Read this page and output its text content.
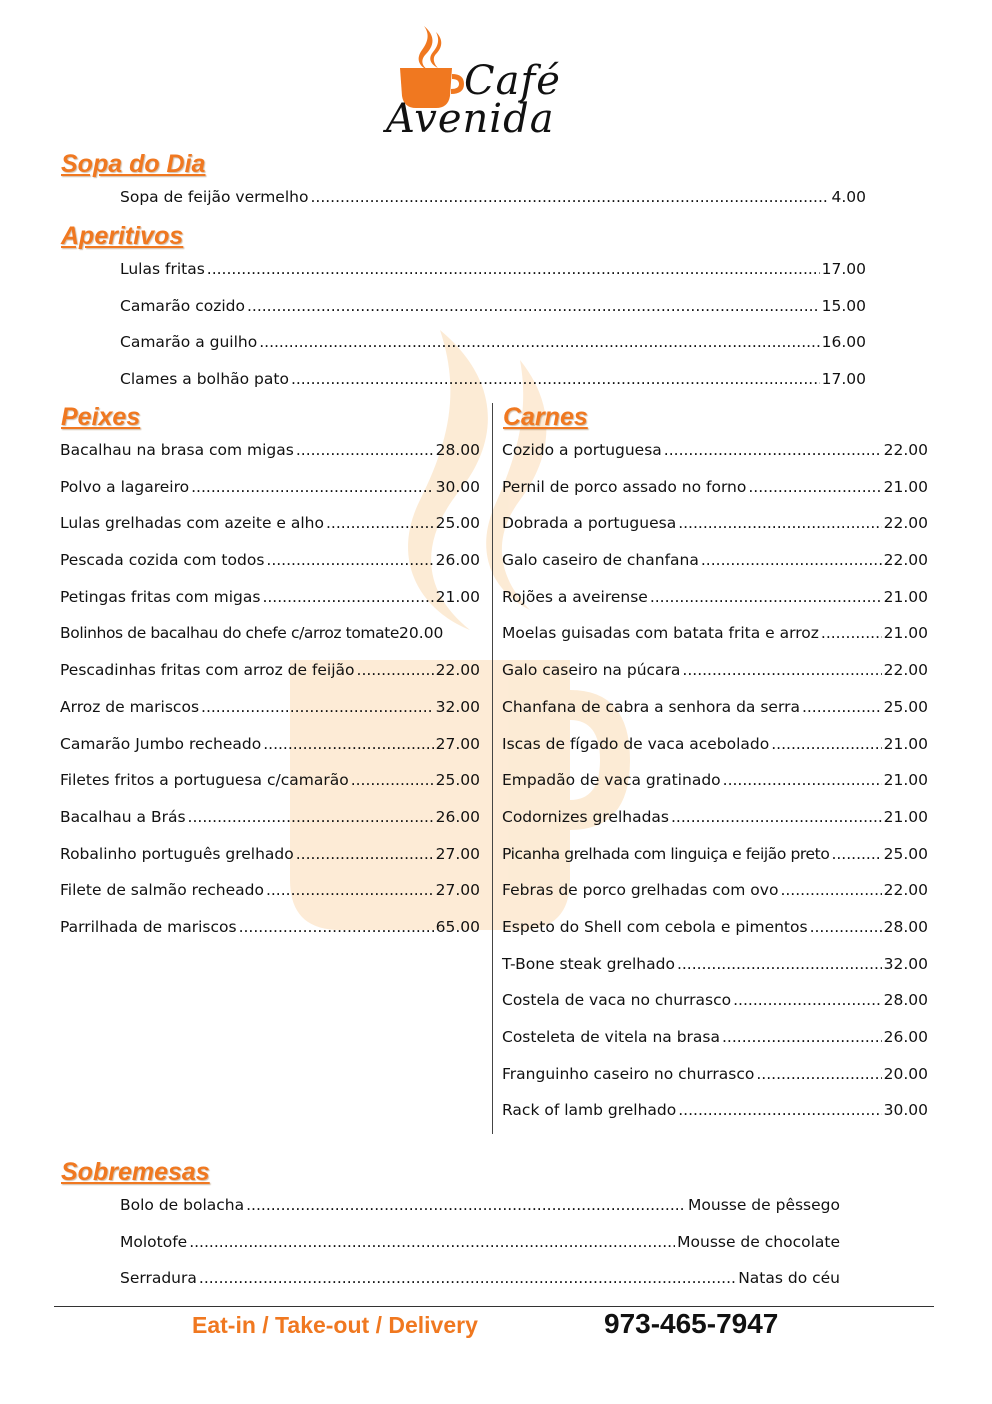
Café
Avenida
Sopa do Dia
Sopa de feijão vermelho .....	4.00
Aperitivos
Lulas fritas .....	17.00
Camarão cozido .....	15.00
Camarão a guilho .....	16.00
Clames a bolhão pato .....	17.00
Peixes
Bacalhau na brasa com migas .....	28.00
Polvo a lagareiro .....	30.00
Lulas grelhadas com azeite e alho .....	25.00
Pescada cozida com todos .....	26.00
Petingas fritas com migas .....	21.00
Bolinhos de bacalhau do chefe c/arroz tomate 20.00
Pescadinhas fritas com arroz de feijão .....	22.00
Arroz de mariscos .....	32.00
Camarão Jumbo recheado .....	27.00
Filetes fritos a portuguesa c/camarão .....	25.00
Bacalhau a Brás .....	26.00
Robalinho português grelhado .....	27.00
Filete de salmão recheado .....	27.00
Parrilhada de mariscos .....	65.00
Carnes
Cozido a portuguesa .....	22.00
Pernil de porco assado no forno .....	21.00
Dobrada a portuguesa .....	22.00
Galo caseiro de chanfana .....	22.00
Rojões a aveirense .....	21.00
Moelas guisadas com batata frita e arroz .....	21.00
Galo caseiro na púcara .....	22.00
Chanfana de cabra a senhora da serra .....	25.00
Iscas de fígado de vaca acebolado .....	21.00
Empadão de vaca gratinado .....	21.00
Codornizes grelhadas .....	21.00
Picanha grelhada com linguiça e feijão preto .....	25.00
Febras de porco grelhadas com ovo .....	22.00
Espeto do Shell com cebola e pimentos .....	28.00
T-Bone steak grelhado .....	32.00
Costela de vaca no churrasco .....	28.00
Costeleta de vitela na brasa .....	26.00
Franguinho caseiro no churrasco .....	20.00
Rack of lamb grelhado .....	30.00
Sobremesas
Bolo de bolacha .....	Mousse de pêssego
Molotofe .....	Mousse de chocolate
Serradura .....	Natas do céu
Eat-in / Take-out / Delivery	973-465-7947
